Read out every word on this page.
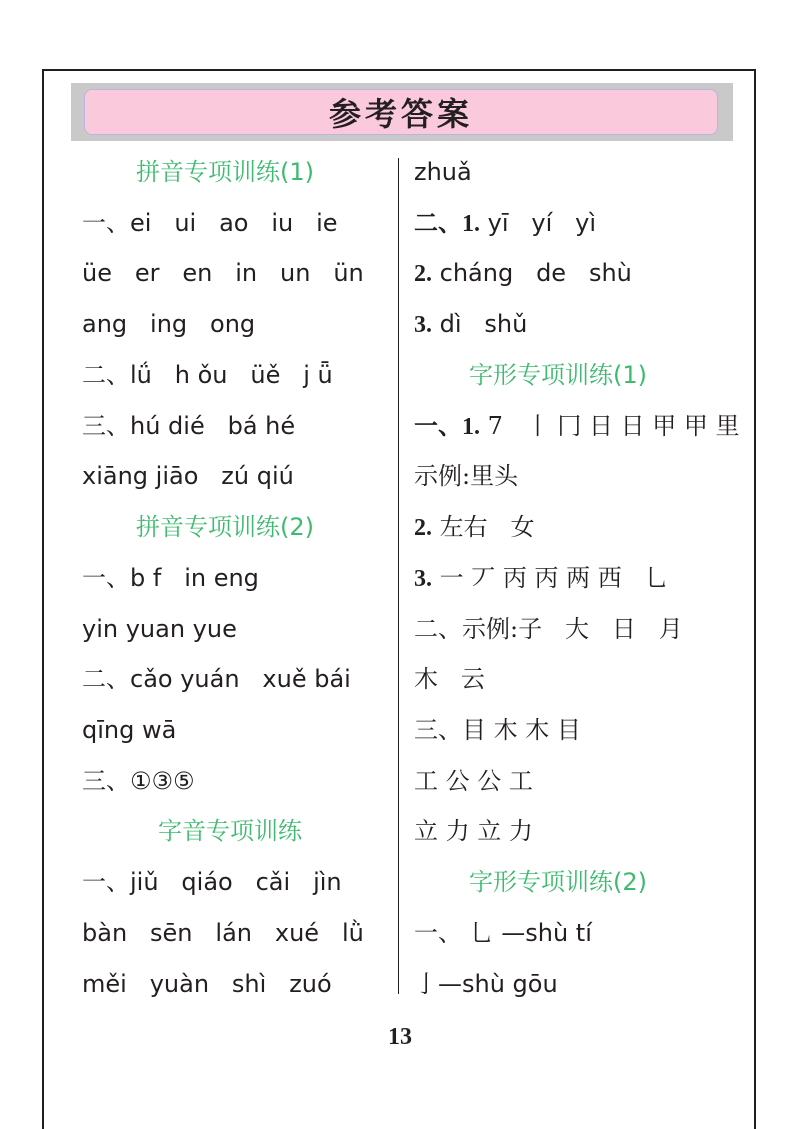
参考答案
拼音专项训练(1)
一、ei   ui   ao   iu   ie
üe   er   en   in   un   ün
ang   ing   ong
二、lǘ   h ǒu   üě   j ǖ
三、hú dié   bá hé
xiāng jiāo   zú qiú
拼音专项训练(2)
一、b f   in eng
yin yuan yue
二、cǎo yuán   xuě bái
qīng wā
三、①③⑤
字音专项训练
一、jiǔ   qiáo   cǎi   jìn
bàn   sēn   lán   xué   lǜ
měi   yuàn   shì   zuó
zhuǎ
二、1. yī   yí   yì
2. cháng   de   shù
3. dì   shǔ
字形专项训练(1)
一、1. 7   丨 冂 日 日 甲 甲 里
示例:里头
2. 左右   女
3. 一 丆 丙 丙 两 西   乚
二、示例:子   大   日   月
木   云
三、目 木 木 目
工 公 公 工
立 力 立 力
字形专项训练(2)
一、 ⺃ —shù tí
亅—shù gōu
13
